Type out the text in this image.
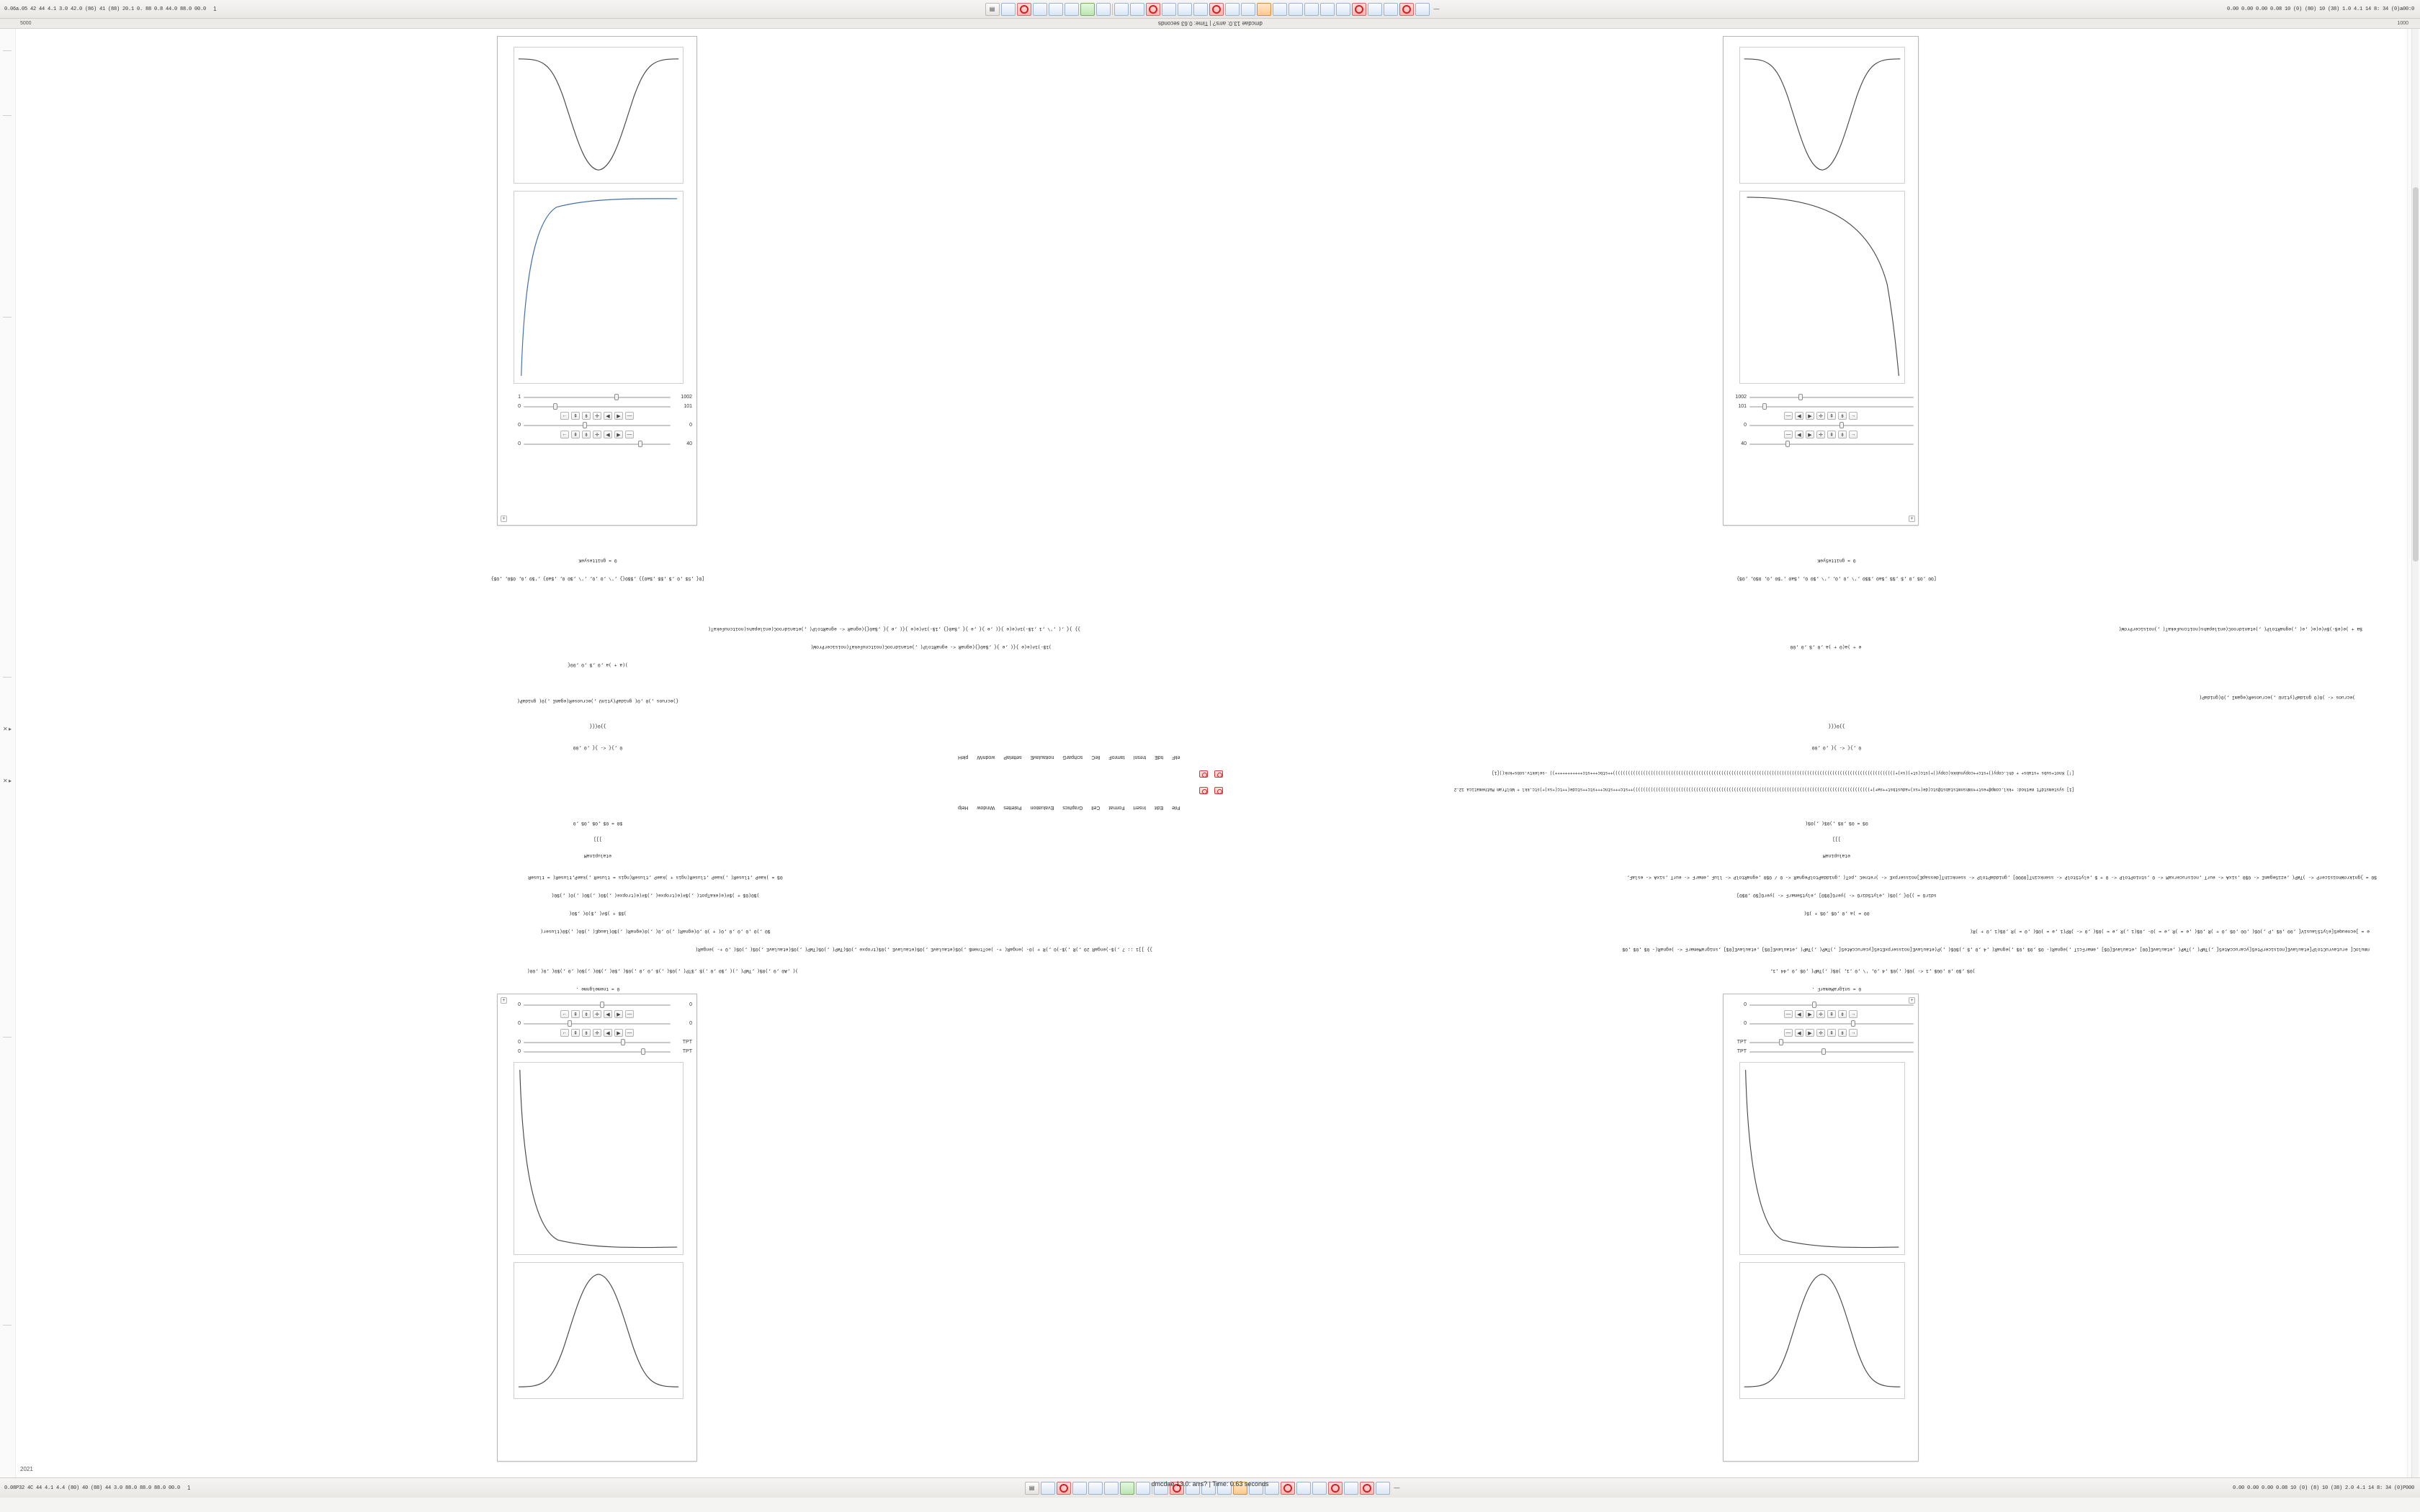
0.06a.05 42 44 4.1 3.0 42.0 (86) 41 (88) 20.1 0. 88 0.8 44.0 88.0 00.0	1	▤	—	0.00 0.00 0.00 0.08 10 (0) (80) 10 (38) 1.0 4.1 14 8: 34 (0)a00:0
5000	dmcdae 13.0: arrs? | Time: 0.63 seconds	1000
✕
✕
▸
▸
1	1002
0	101
←	⇞	⇟	✛	◀	▶	—
0	0
←	⇞	⇟	✛	◀	▶	—
0	40
+
1002
101
—	◀	▶	✛	⇞	⇟	→
0
—	◀	▶	✛	⇞	⇟	→
40
+
0 = gnittesyeK
[0{ ,5$ ,0 ,$ ,$$ ,$a0}} ,$$0{} ,'\ ,0 ,0, ,'\ ,$0 0, ,$a0} ,'$0 ,0, 0$0, ,0$}
}} }{ ,( ,'\ ,1 ,1$-)1#(e(e }{( ,e }{ ,e }{ ,$a0{} ,1$-)1#(e(e }{( ,e }{ ,$a0{}(egnaR <- egnaRtolP( ,)etanidrooC(enilepahs(noitcnuFekaT(
)1$-)1#(e(e }{( ,e }{ ,$a0{}(egnaR <- egnaRtolP( ,)etanidrooC(noitcnuFekaT(noisicerProW(
)(a + )a ,0 ,$ ,0 ,00{
{)ecruos ,)0 ,0( gnidaP(ytinU ,)ecruoseR(egamI ,)0( gnidaP(
}}0{{{
0 ,}{ <- }{ ,0 ,00
0 = gnitteSyeK
[00 ,0$ ,0 ,$ ,$$ ,$a0 ,$$0 ,'\ ,0 ,0, ,'\ ,$0 0, ,$a0 ,'$0 ,0, 0$0, ,0$}
$a + )e(e$-)$#(e(e( ,e( ,)egnaRtolP( ,)etanidrooC(enilepahs(noitcnuFekaT( ,)noisicerProW(
e + )a(0 + )a ,0 ,$ ,0 ,00
)ecruos <- )0(0 gnidaP(ytinU ,)ecruoseR(egamI ,)0(gnidaP(
}}0{{{
0 ,}{ <- }{ ,0 ,00
eliF
tidE
tresnI
tamroF
lleC
scihparG
noitaulavE
settelaP
wodniW
pleH
[!] Knot+subs +stabs+ + dhl.copy()+stc++copynubkk(copy()+)stc(st+)(sx)+))))))))))))))))))))))))))))))))))))))))))))))))))))))))))))))))))))))))))))))))))))))))))))))))))))))))))))))))++stbc+++stc+++++++++++)) -selektv.sobs+knk()[1]
[1] systemstdft method: +kkl.comp@+est++nmhsnmtstabst@stc(de(+sx)+adustbst++sw+)+))))))))))))))))))))))))))))))))))))))))))))))))))))))))))))))))))))))))))))))))))))))))))))))++stc+++stnc+++stc++stcde(++tc(+sx)+)stc.kkl + Wolfram Mathematica 12.2
File
Edit
Insert
Format
Cell
Graphics
Evaluation
Palettes
Window
Help
$0 = 0$ ,0$ ,0$ ,0
]]]
etalupinaM
0$ = )kaeP ,tluseR( ,)kaeP ,tluseR(ngis + )kaeP ,tluseR(ngis = tluseR ,)kaeP,tluseR( = tluseR
)$0(0$ + )$#(e(ekaTpot( ,)$#(e(tropxe( ,)$#(e(tropxe( ,)$0( ,)$0( ,)0( ,)$0(
)$$ + )$#( ,$)0( ,$0(
$0 ,)0 ,0 ,0 ,0 ,0( + )0 ,0(egnaR( ,)0 ,0( ,)0(egnaR( ,)$0(lauqE( ,)$0( ,)$0(tluser(
}} ]]1 :: 7 ,)$-)engaR 20 ,)R ,)$-)0 ,)R + )0- )engaR( +- )eoTtnem$ ,)0$(etaulavE ,)0$(etaulavE ,)0$(tropxe ,)0$(TWP( ,)0$(TWP( ,)0$(etaulavE ,)0$( ,)0$( ,0 +- )engaR(
)( ,A0 ,0 ,)0$( ,TWP( ,)( ,$0 ,0 ,)$ ,$TP( ,)0$( ,)$ ,0 ,0 ,)0$( ,$0( ,)$0( ,)$0( ,0 ,)$0( ,0( ,00(
0 = tnemelgnme .
0$ = 0$ ,0$ ,)0$( ,)0$(
]]]
etalupinaM
$0 = }gnikroWnoisicerP <- )TWP( ,eziSegamI <- 0$0 ,sixA <- eurT ,noisrucerxaM <- 0 ,stnioPtolP <- 0 + $ ,elytStolP <- ssenkcihT[0000] ,gniddaPtolP <- ssenkcihT[dessapE]noisserpxE <- )retneC ,poT( ,gniddaPtolPegnaR <- 0 / 0$0 ,egnaRtolP <- lluF ,emarF <- eurT ,sixA <- eslaF,
sdirG = )}0{ ,)0$( ,elytSdirG <- )yerG[0$0] ,elytSemarF <- )yerG[$0 ,0$0]
00 = )a ,0 ,0$ ,0$ + )$(
e = ]ecneuqeS[elytSlausiV[ ,00 ,0$ ,P ,)0$( ,00 ,0$ ,0 + )R ,0$( ,e = )R ,e = )0- ,0$(1 ,)R ,e = )0$( ,0 <- )RP(1 ,e = )0$( ,0 = )R ,0$(1 ,0 + )R(
nmuloC[ erutavruCtolP[etaulavE[noisicerPteS[ycaruccAteS[ ,)TWP( ,)TWP( ,etaulavE[00] ,etaulavE[0$] ,emarFciT ,)egnaR(- 0$ ,0$ ,0$ ,)egnaR( ,4 ,0 ,$ ,)$0$( ,)P(etaulavE[noisserpxEteS[ycaruccAteS[ ,)TWP( ,)TWP( ,etaulavE[0$] ,etaulavE[0$] ,snigraMemarF <- )egnaR(- 0$ ,0$ ,0$
)0$ ,$0 ,0 ,00$ ,1 <- )0$( ,)0$ ,4 ,0, '\ ,0 ,1, )0$( ,)TWP( ,0$ ,0 ,44 ,1,
0 = snigraMemarF .
0	0
←	⇞	⇟	✛	◀	▶	—
0	0
←	⇞	⇟	✛	◀	▶	—
0	TPT
0	TPT
+
0
—	◀	▶	✛	⇞	⇟	→
0
—	◀	▶	✛	⇞	⇟	→
TPT
TPT
+
0.08P32 4C 44 4.1 4.4 (80) 40 (88) 44 3.0 88.0 88.0 88.0 00.0	1	▤	—	0.00 0.00 0.00 0.08 10 (0) (8) 10 (38) 2.0 4.1 14 8: 34 (0)P000
dmcdae 13.0: arrs? | Time: 0.63 seconds
2021
